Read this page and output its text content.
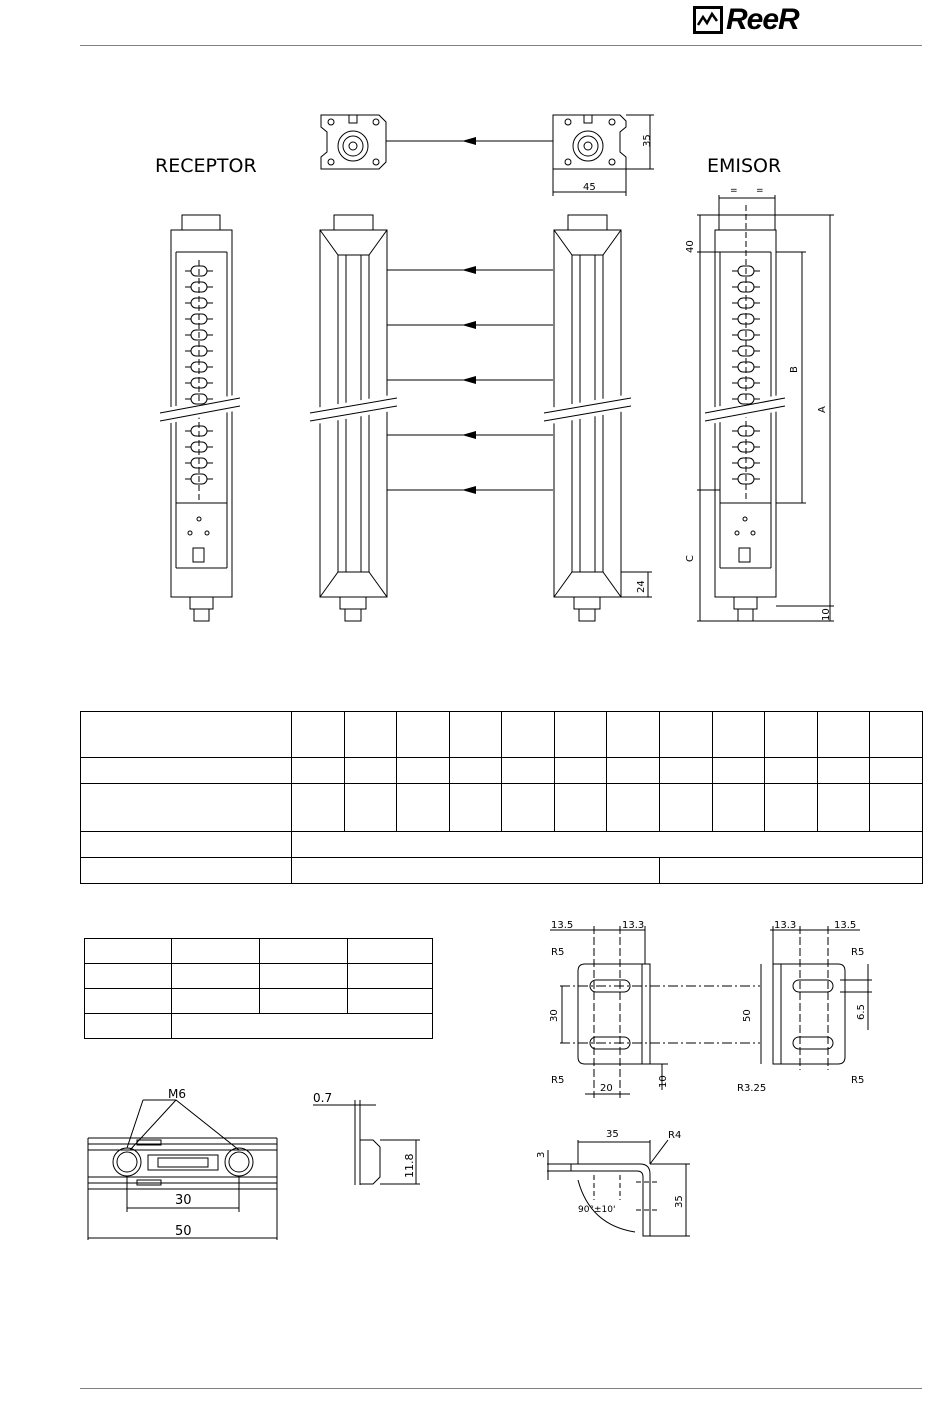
ReeR
RECEPTOR	EMISOR
35
45	= =
40
B
A
C
24
10
M6
30
50
0.7
11.8
13.5	13.3
R5
R5
30
20
10
13.3	13.5
R5
R5
50	6.5
R3.25
35	R4
3
35
90°±10'
